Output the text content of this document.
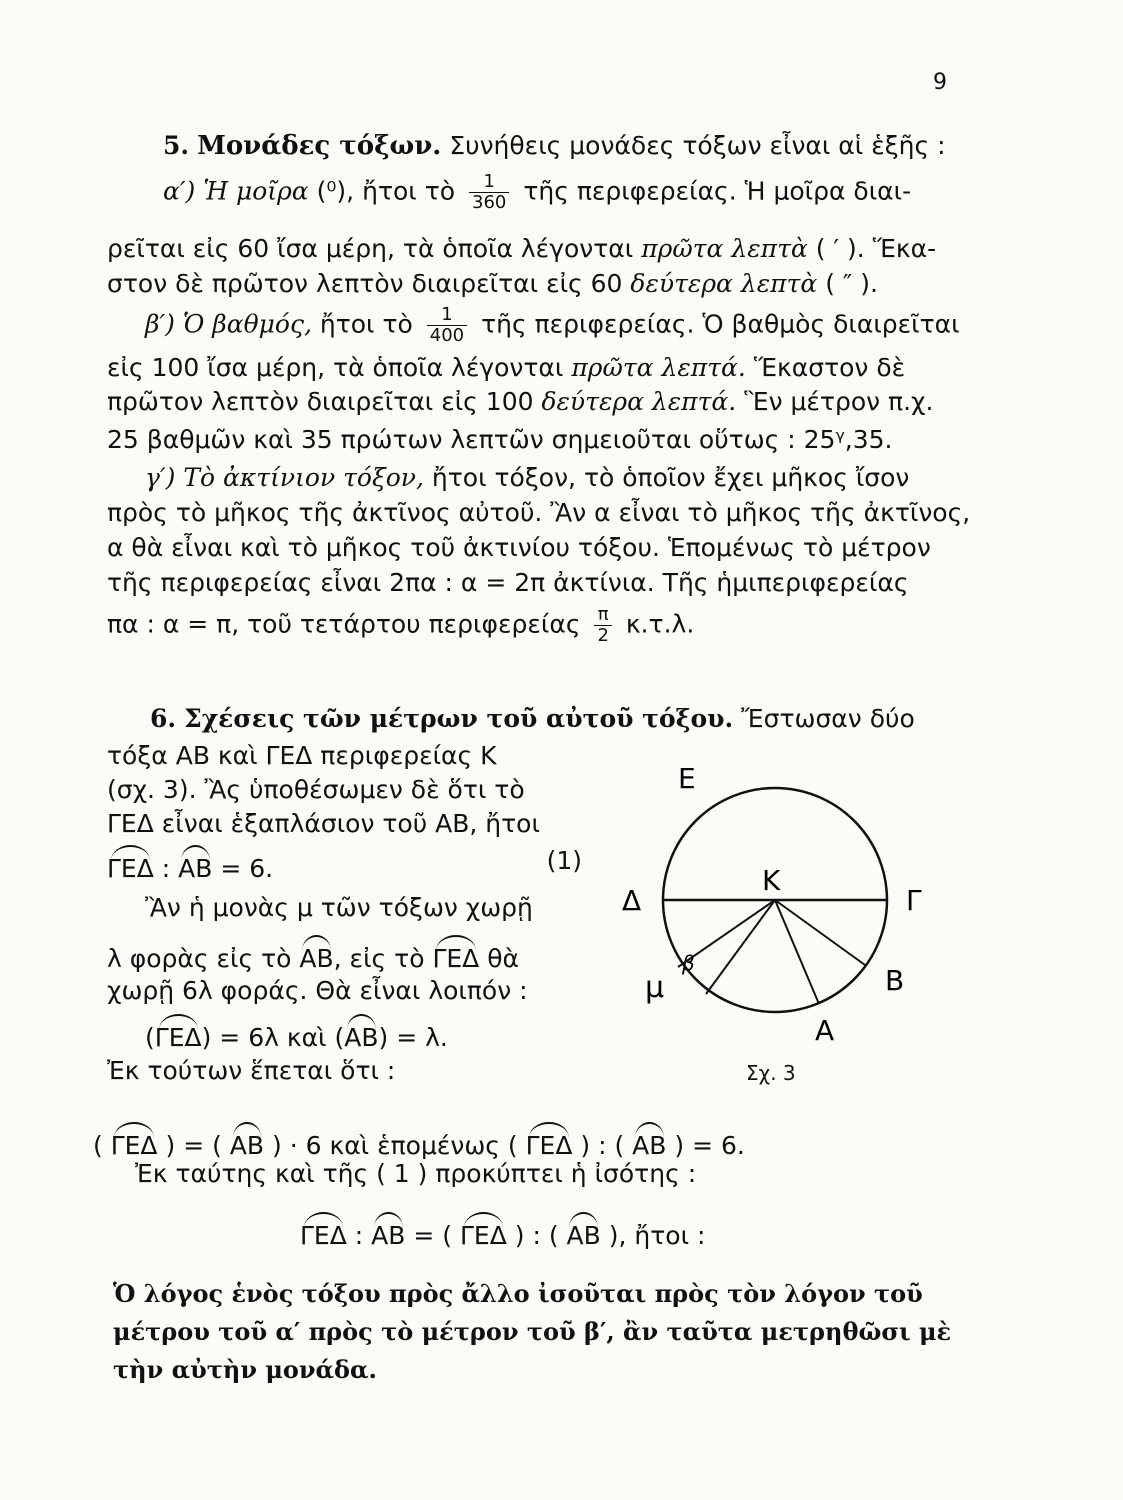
9
5. Μονάδες τόξων. Συνήθεις μονάδες τόξων εἶναι αἱ ἑξῆς :
α′) Ἡ μοῖρα (⁰), ἤτοι τὸ $\frac{1}{360}$ τῆς περιφερείας. Ἡ μοῖρα διαι-
ρεῖται εἰς 60 ἴσα μέρη, τὰ ὁποῖα λέγονται πρῶτα λεπτὰ ( ′ ). Ἕκα-
στον δὲ πρῶτον λεπτὸν διαιρεῖται εἰς 60 δεύτερα λεπτὰ ( ″ ).
β′) Ὁ βαθμός, ἤτοι τὸ $\frac{1}{400}$ τῆς περιφερείας. Ὁ βαθμὸς διαιρεῖται
εἰς 100 ἴσα μέρη, τὰ ὁποῖα λέγονται πρῶτα λεπτά. Ἕκαστον δὲ
πρῶτον λεπτὸν διαιρεῖται εἰς 100 δεύτερα λεπτά. Ἓν μέτρον π.χ.
25 βαθμῶν καὶ 35 πρώτων λεπτῶν σημειοῦται οὕτως : 25ᵞ,35.
γ′) Τὸ ἀκτίνιον τόξον, ἤτοι τόξον, τὸ ὁποῖον ἔχει μῆκος ἴσον
πρὸς τὸ μῆκος τῆς ἀκτῖνος αὐτοῦ. Ἂν α εἶναι τὸ μῆκος τῆς ἀκτῖνος,
α θὰ εἶναι καὶ τὸ μῆκος τοῦ ἀκτινίου τόξου. Ἑπομένως τὸ μέτρον
τῆς περιφερείας εἶναι 2πα : α = 2π ἀκτίνια. Τῆς ἡμιπεριφερείας
πα : α = π, τοῦ τετάρτου περιφερείας $\frac{\pi}{2} \kappa.\tau.\lambda$.
6. Σχέσεις τῶν μέτρων τοῦ αὐτοῦ τόξου. Ἔστωσαν δύο
τόξα ΑΒ καὶ ΓΕΔ περιφερείας Κ
(σχ. 3). Ἂς ὑποθέσωμεν δὲ ὅτι τὸ
ΓΕΔ εἶναι ἑξαπλάσιον τοῦ ΑΒ, ἤτοι
ΓΕΔ : ΑΒ = 6.	(1)
Ἂν ἡ μονὰς μ τῶν τόξων χωρῇ
λ φορὰς εἰς τὸ ΑΒ, εἰς τὸ ΓΕΔ θὰ
χωρῇ 6λ φοράς. Θὰ εἶναι λοιπόν :
(ΓΕΔ) = 6λ καὶ (ΑΒ) = λ.
Ἐκ τούτων ἕπεται ὅτι :
( ΓΕΔ ) = ( ΑΒ ) · 6 καὶ ἑπομένως ( ΓΕΔ ) : ( ΑΒ ) = 6.
Ἐκ ταύτης καὶ τῆς ( 1 ) προκύπτει ἡ ἰσότης :
ΓΕΔ : ΑΒ = ( ΓΕΔ ) : ( ΑΒ ), ἤτοι :
Ε
Κ
Δ	Γ
μ	Β
Α
β
Σχ. 3
Ὁ λόγος ἑνὸς τόξου πρὸς ἄλλο ἰσοῦται πρὸς τὸν λόγον τοῦ
μέτρου τοῦ α′ πρὸς τὸ μέτρον τοῦ β′, ἂν ταῦτα μετρηθῶσι μὲ
τὴν αὐτὴν μονάδα.
